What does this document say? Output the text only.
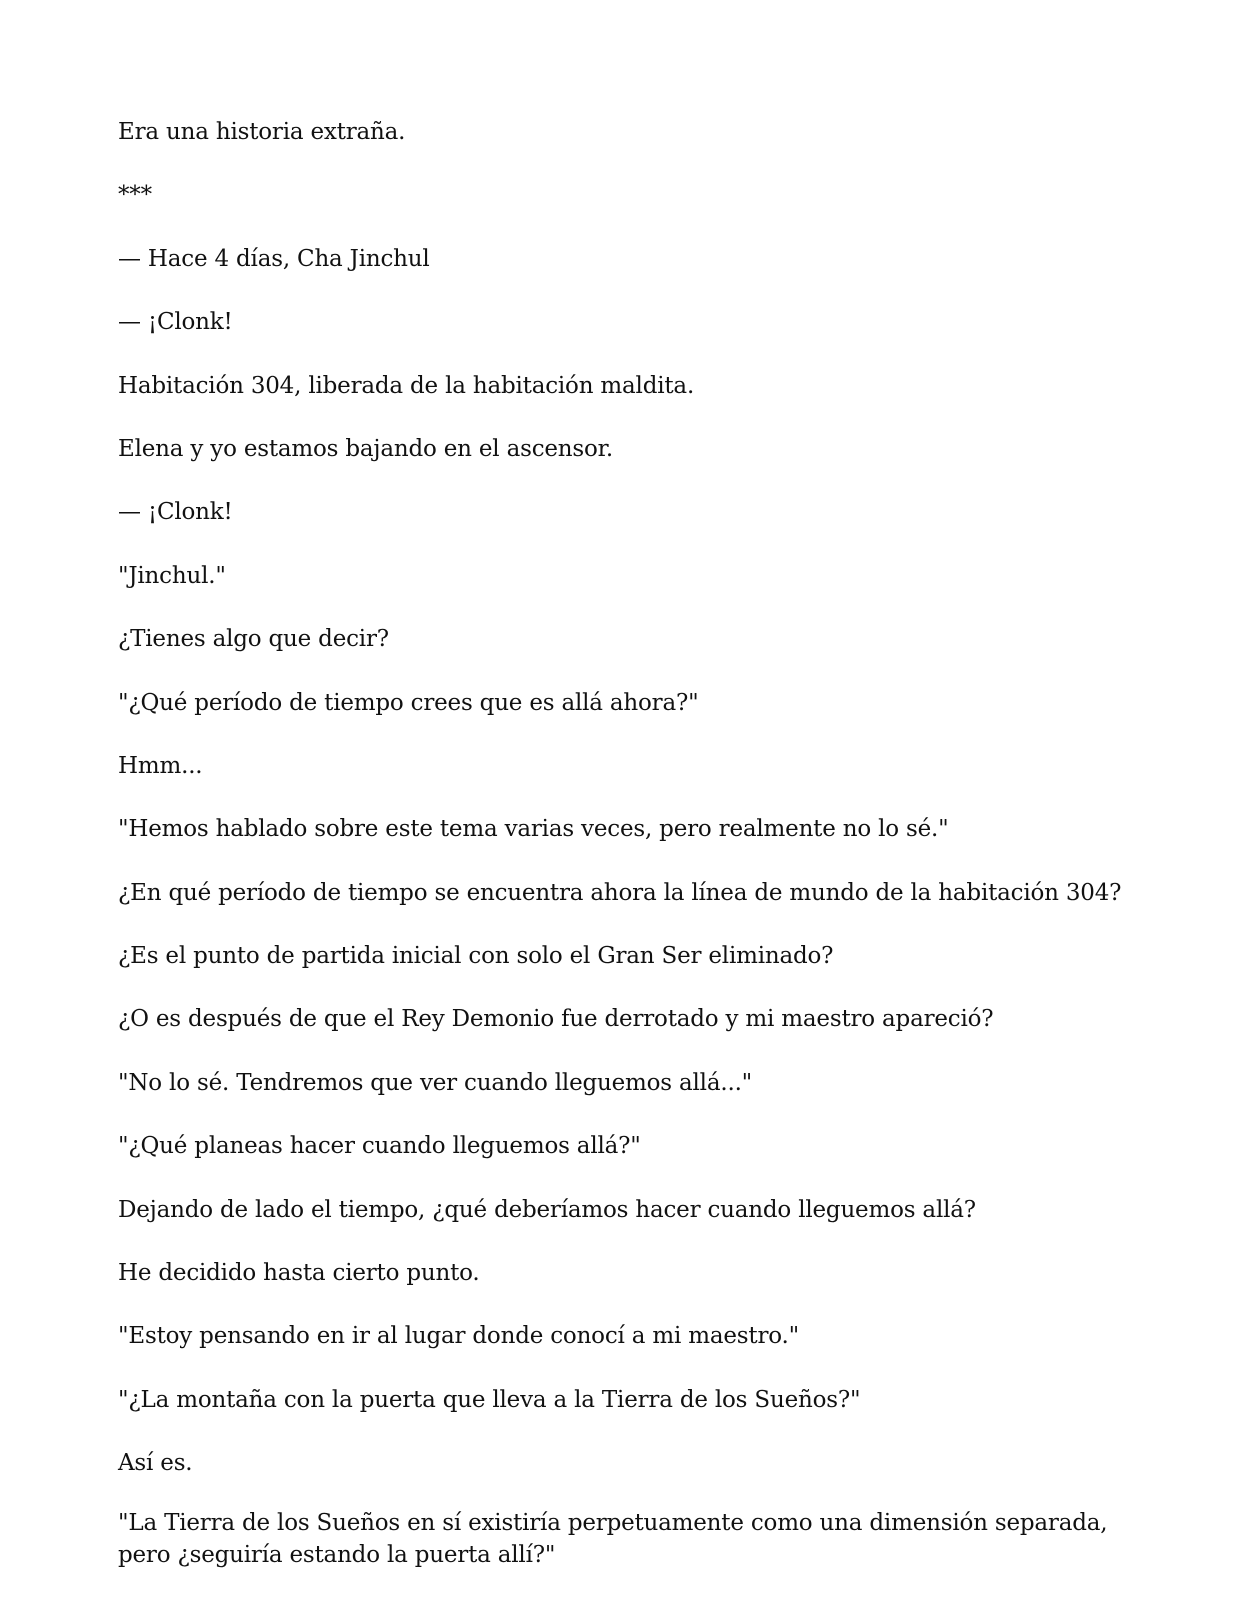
Era una historia extraña.

***

— Hace 4 días, Cha Jinchul

— ¡Clonk!

Habitación 304, liberada de la habitación maldita.

Elena y yo estamos bajando en el ascensor.

— ¡Clonk!

"Jinchul."

¿Tienes algo que decir?

"¿Qué período de tiempo crees que es allá ahora?"

Hmm...

"Hemos hablado sobre este tema varias veces, pero realmente no lo sé."

¿En qué período de tiempo se encuentra ahora la línea de mundo de la habitación 304?

¿Es el punto de partida inicial con solo el Gran Ser eliminado?

¿O es después de que el Rey Demonio fue derrotado y mi maestro apareció?

"No lo sé. Tendremos que ver cuando lleguemos allá..."

"¿Qué planeas hacer cuando lleguemos allá?"

Dejando de lado el tiempo, ¿qué deberíamos hacer cuando lleguemos allá?

He decidido hasta cierto punto.

"Estoy pensando en ir al lugar donde conocí a mi maestro."

"¿La montaña con la puerta que lleva a la Tierra de los Sueños?"

Así es.

"La Tierra de los Sueños en sí existiría perpetuamente como una dimensión separada, pero ¿seguiría estando la puerta allí?"
